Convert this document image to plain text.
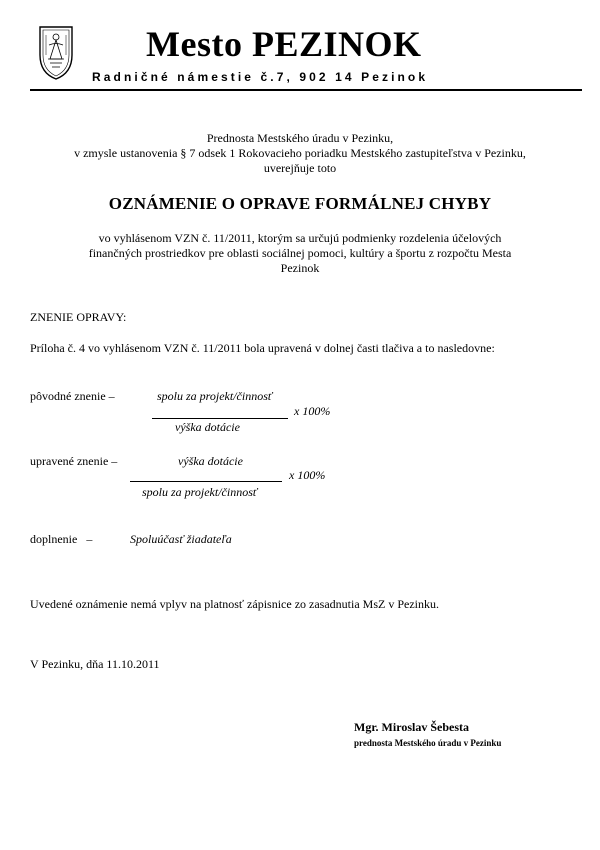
Mesto PEZINOK
Radničné námestie č.7, 902 14 Pezinok
Prednosta Mestského úradu v Pezinku,
v zmysle ustanovenia § 7 odsek 1 Rokovacieho poriadku Mestského zastupiteľstva v Pezinku,
uverejňuje toto
OZNÁMENIE O OPRAVE FORMÁLNEJ CHYBY
vo vyhlásenom VZN č. 11/2011, ktorým sa určujú podmienky rozdelenia účelových
finančných prostriedkov pre oblasti sociálnej pomoci, kultúry a športu z rozpočtu Mesta
Pezinok
ZNENIE OPRAVY:
Príloha č. 4 vo vyhlásenom VZN č. 11/2011 bola upravená v dolnej časti tlačiva a to nasledovne:
pôvodné znenie –	spolu za projekt/činnosť
x 100%
výška dotácie
upravené znenie –	výška dotácie
x 100%
spolu za projekt/činnosť
doplnenie   –	Spoluúčasť žiadateľa
Uvedené oznámenie nemá vplyv na platnosť zápisnice zo zasadnutia MsZ v Pezinku.
V Pezinku, dňa 11.10.2011
Mgr. Miroslav Šebesta
prednosta Mestského úradu v Pezinku
